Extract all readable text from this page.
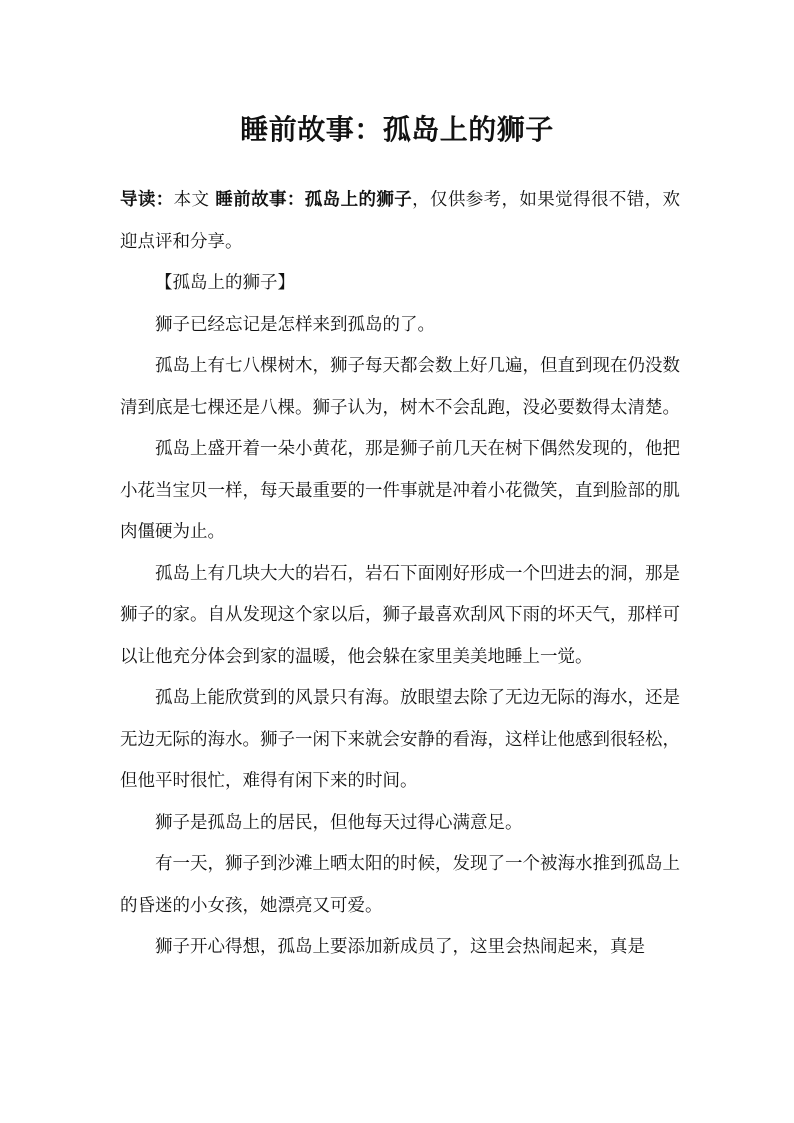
睡前故事：孤岛上的狮子

导读：本文 睡前故事：孤岛上的狮子，仅供参考，如果觉得很不错，欢迎点评和分享。

【孤岛上的狮子】

狮子已经忘记是怎样来到孤岛的了。

孤岛上有七八棵树木，狮子每天都会数上好几遍，但直到现在仍没数清到底是七棵还是八棵。狮子认为，树木不会乱跑，没必要数得太清楚。

孤岛上盛开着一朵小黄花，那是狮子前几天在树下偶然发现的，他把小花当宝贝一样，每天最重要的一件事就是冲着小花微笑，直到脸部的肌肉僵硬为止。

孤岛上有几块大大的岩石，岩石下面刚好形成一个凹进去的洞，那是狮子的家。自从发现这个家以后，狮子最喜欢刮风下雨的坏天气，那样可以让他充分体会到家的温暖，他会躲在家里美美地睡上一觉。

孤岛上能欣赏到的风景只有海。放眼望去除了无边无际的海水，还是无边无际的海水。狮子一闲下来就会安静的看海，这样让他感到很轻松，但他平时很忙，难得有闲下来的时间。

狮子是孤岛上的居民，但他每天过得心满意足。

有一天，狮子到沙滩上晒太阳的时候，发现了一个被海水推到孤岛上的昏迷的小女孩，她漂亮又可爱。

狮子开心得想，孤岛上要添加新成员了，这里会热闹起来，真是
